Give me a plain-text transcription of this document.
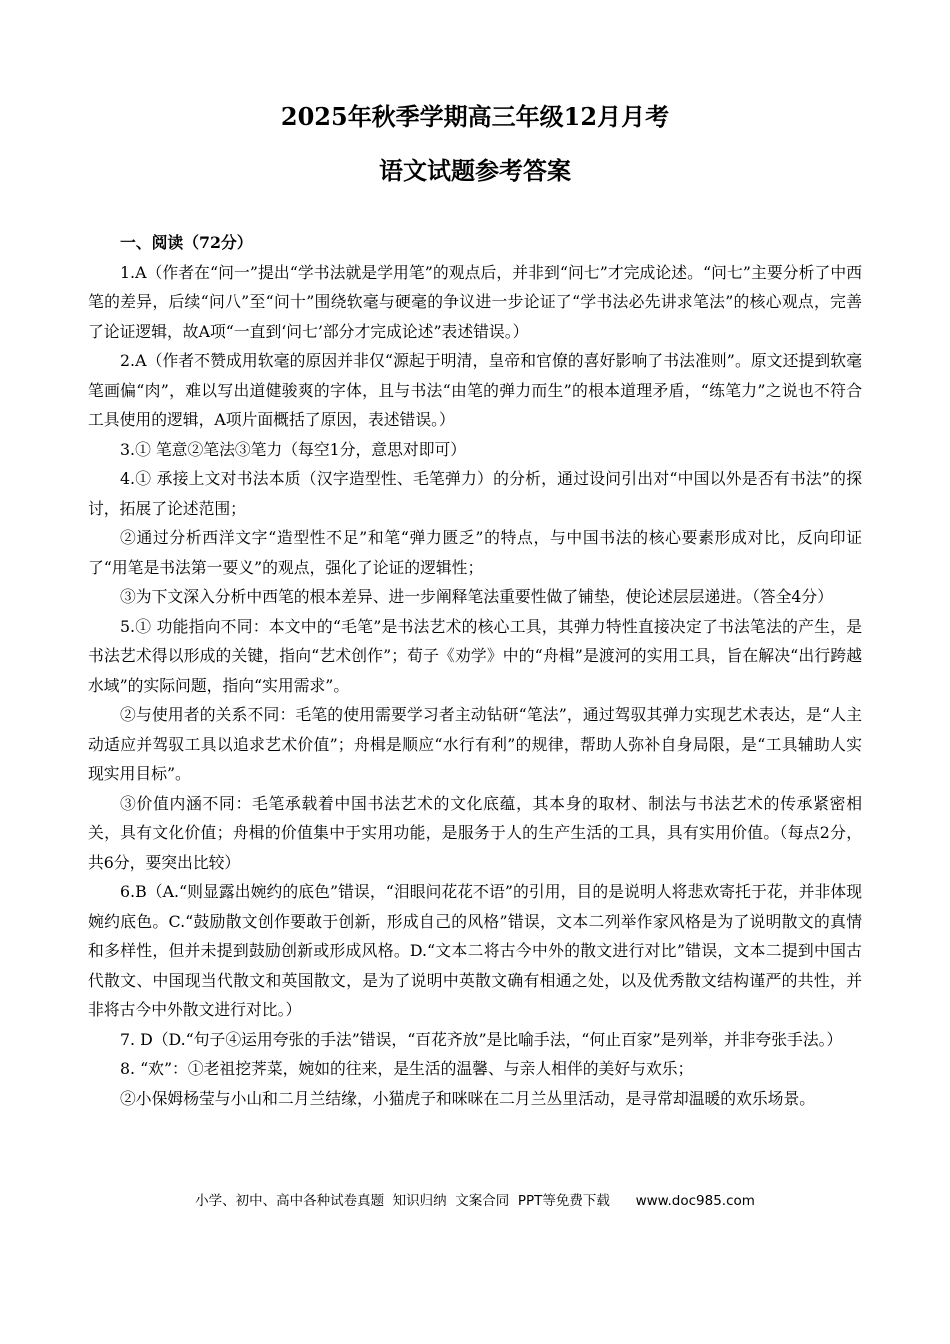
2025年秋季学期高三年级12月月考
语文试题参考答案

一、阅读（72分）

1.A（作者在“问一”提出“学书法就是学用笔”的观点后，并非到“问七”才完成论述。“问七”主要分析了中西笔的差异，后续“问八”至“问十”围绕软毫与硬毫的争议进一步论证了“学书法必先讲求笔法”的核心观点，完善了论证逻辑，故A项“一直到‘问七’部分才完成论述”表述错误。）

2.A（作者不赞成用软毫的原因并非仅“源起于明清，皇帝和官僚的喜好影响了书法准则”。原文还提到软毫笔画偏“肉”，难以写出道健骏爽的字体，且与书法“由笔的弹力而生”的根本道理矛盾，“练笔力”之说也不符合工具使用的逻辑，A项片面概括了原因，表述错误。）

3.① 笔意②笔法③笔力（每空1分，意思对即可）

4.① 承接上文对书法本质（汉字造型性、毛笔弹力）的分析，通过设问引出对“中国以外是否有书法”的探讨，拓展了论述范围；

②通过分析西洋文字“造型性不足”和笔“弹力匮乏”的特点，与中国书法的核心要素形成对比，反向印证了“用笔是书法第一要义”的观点，强化了论证的逻辑性；

③为下文深入分析中西笔的根本差异、进一步阐释笔法重要性做了铺垫，使论述层层递进。（答全4分）

5.① 功能指向不同：本文中的“毛笔”是书法艺术的核心工具，其弹力特性直接决定了书法笔法的产生，是书法艺术得以形成的关键，指向“艺术创作”；荀子《劝学》中的“舟楫”是渡河的实用工具，旨在解决“出行跨越水域”的实际问题，指向“实用需求”。

②与使用者的关系不同：毛笔的使用需要学习者主动钻研“笔法”，通过驾驭其弹力实现艺术表达，是“人主动适应并驾驭工具以追求艺术价值”；舟楫是顺应“水行有利”的规律，帮助人弥补自身局限，是“工具辅助人实现实用目标”。

③价值内涵不同：毛笔承载着中国书法艺术的文化底蕴，其本身的取材、制法与书法艺术的传承紧密相关，具有文化价值；舟楫的价值集中于实用功能，是服务于人的生产生活的工具，具有实用价值。（每点2分，共6分，要突出比较）

6.B（A.“则显露出婉约的底色”错误，“泪眼问花花不语”的引用，目的是说明人将悲欢寄托于花，并非体现婉约底色。C.“鼓励散文创作要敢于创新，形成自己的风格”错误，文本二列举作家风格是为了说明散文的真情和多样性，但并未提到鼓励创新或形成风格。D.“文本二将古今中外的散文进行对比”错误，文本二提到中国古代散文、中国现当代散文和英国散文，是为了说明中英散文确有相通之处，以及优秀散文结构谨严的共性，并非将古今中外散文进行对比。）

7. D（D.“句子④运用夸张的手法”错误，“百花齐放”是比喻手法，“何止百家”是列举，并非夸张手法。）

8. “欢”：①老祖挖荠菜，婉如的往来，是生活的温馨、与亲人相伴的美好与欢乐；

②小保姆杨莹与小山和二月兰结缘，小猫虎子和咪咪在二月兰丛里活动，是寻常却温暖的欢乐场景。

小学、初中、高中各种试卷真题  知识归纳  文案合同  PPT等免费下载      www.doc985.com
